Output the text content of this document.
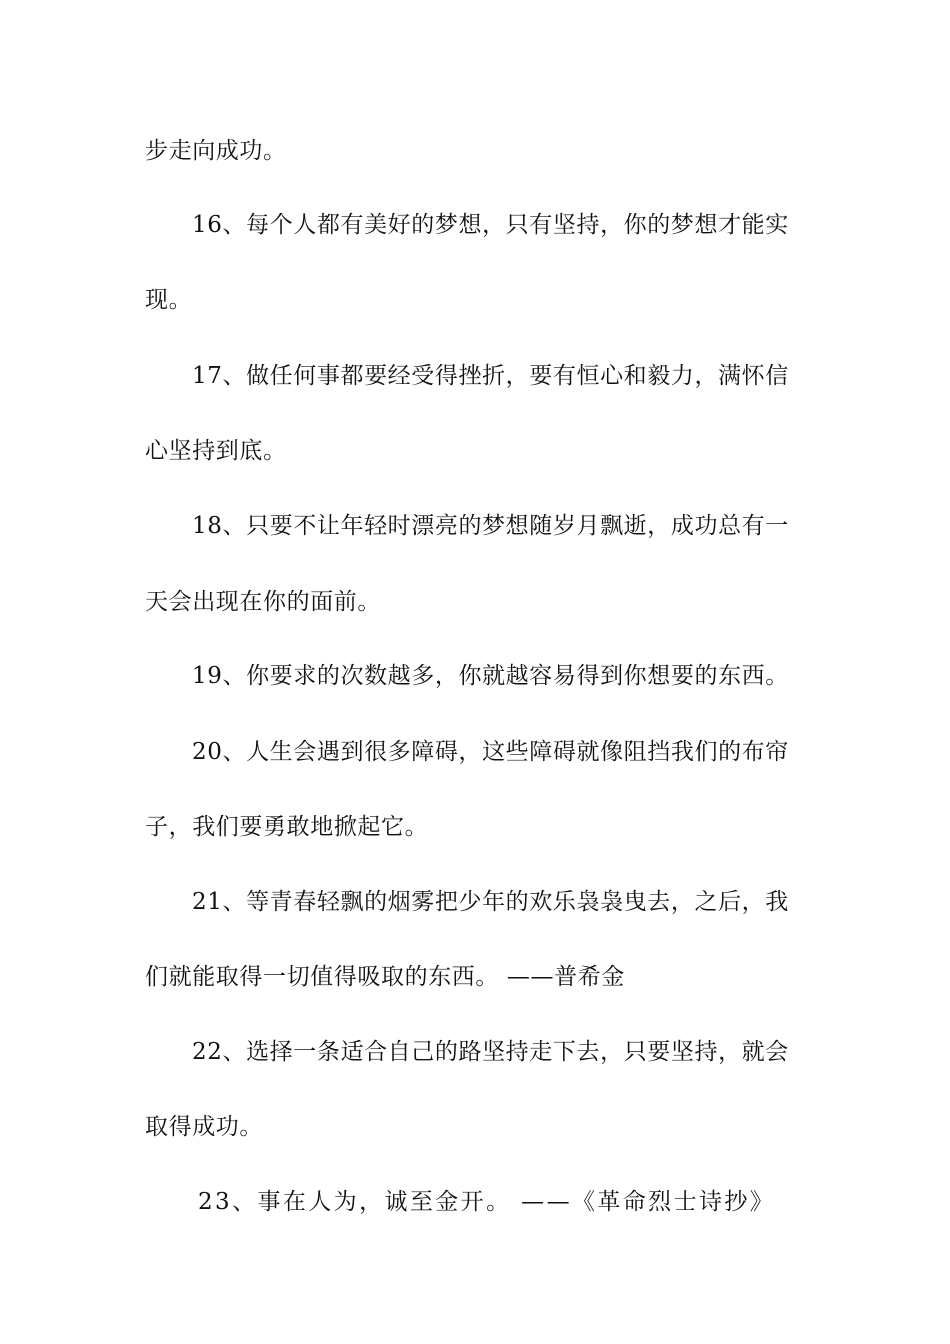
步走向成功。
16、每个人都有美好的梦想，只有坚持，你的梦想才能实
现。
17、做任何事都要经受得挫折，要有恒心和毅力，满怀信
心坚持到底。
18、只要不让年轻时漂亮的梦想随岁月飘逝，成功总有一
天会出现在你的面前。
19、你要求的次数越多，你就越容易得到你想要的东西。
20、人生会遇到很多障碍，这些障碍就像阻挡我们的布帘
子，我们要勇敢地掀起它。
21、等青春轻飘的烟雾把少年的欢乐袅袅曳去，之后，我
们就能取得一切值得吸取的东西。 ——普希金
22、选择一条适合自己的路坚持走下去，只要坚持，就会
取得成功。
23、事在人为，诚至金开。 ——《革命烈士诗抄》
